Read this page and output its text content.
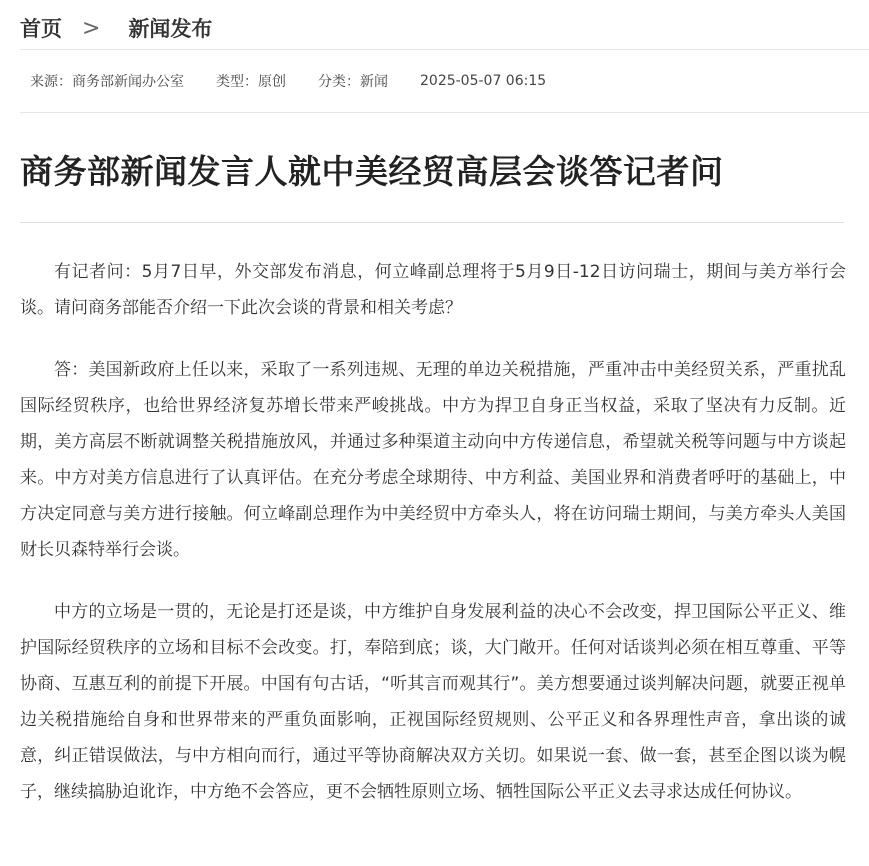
首页 > 新闻发布
来源：商务部新闻办公室 类型：原创 分类：新闻 2025-05-07 06:15
商务部新闻发言人就中美经贸高层会谈答记者问

有记者问：5月7日早，外交部发布消息，何立峰副总理将于5月9日-12日访问瑞士，期间与美方举行会谈。请问商务部能否介绍一下此次会谈的背景和相关考虑？

答：美国新政府上任以来，采取了一系列违规、无理的单边关税措施，严重冲击中美经贸关系，严重扰乱国际经贸秩序，也给世界经济复苏增长带来严峻挑战。中方为捍卫自身正当权益，采取了坚决有力反制。近期，美方高层不断就调整关税措施放风，并通过多种渠道主动向中方传递信息，希望就关税等问题与中方谈起来。中方对美方信息进行了认真评估。在充分考虑全球期待、中方利益、美国业界和消费者呼吁的基础上，中方决定同意与美方进行接触。何立峰副总理作为中美经贸中方牵头人，将在访问瑞士期间，与美方牵头人美国财长贝森特举行会谈。

中方的立场是一贯的，无论是打还是谈，中方维护自身发展利益的决心不会改变，捍卫国际公平正义、维护国际经贸秩序的立场和目标不会改变。打，奉陪到底；谈，大门敞开。任何对话谈判必须在相互尊重、平等协商、互惠互利的前提下开展。中国有句古话，“听其言而观其行”。美方想要通过谈判解决问题，就要正视单边关税措施给自身和世界带来的严重负面影响，正视国际经贸规则、公平正义和各界理性声音，拿出谈的诚意，纠正错误做法，与中方相向而行，通过平等协商解决双方关切。如果说一套、做一套，甚至企图以谈为幌子，继续搞胁迫讹诈，中方绝不会答应，更不会牺牲原则立场、牺牲国际公平正义去寻求达成任何协议。
